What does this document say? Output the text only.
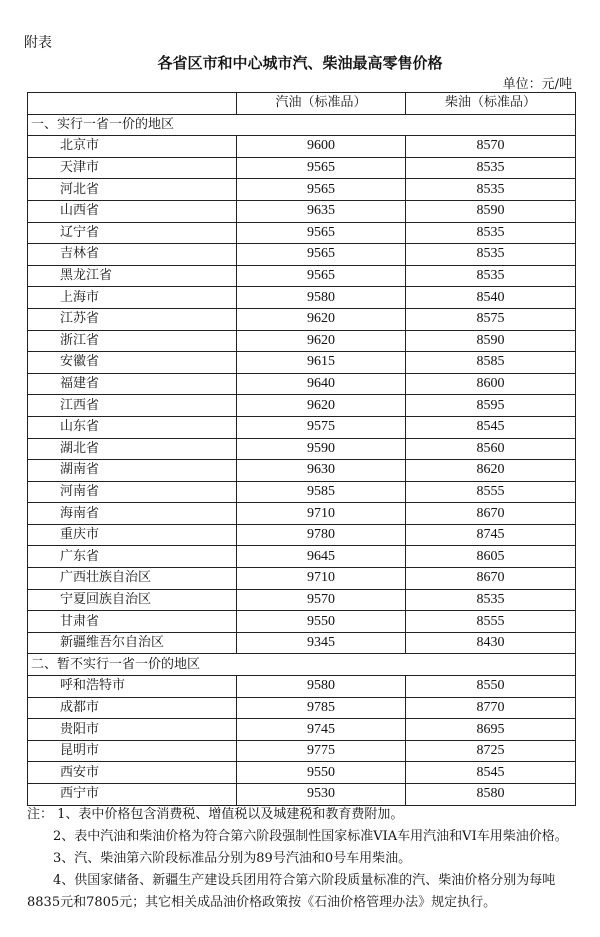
附表
各省区市和中心城市汽、柴油最高零售价格
单位：元/吨
	汽油（标准品）	柴油（标准品）
一、实行一省一价的地区		
北京市	9600	8570
天津市	9565	8535
河北省	9565	8535
山西省	9635	8590
辽宁省	9565	8535
吉林省	9565	8535
黑龙江省	9565	8535
上海市	9580	8540
江苏省	9620	8575
浙江省	9620	8590
安徽省	9615	8585
福建省	9640	8600
江西省	9620	8595
山东省	9575	8545
湖北省	9590	8560
湖南省	9630	8620
河南省	9585	8555
海南省	9710	8670
重庆市	9780	8745
广东省	9645	8605
广西壮族自治区	9710	8670
宁夏回族自治区	9570	8535
甘肃省	9550	8555
新疆维吾尔自治区	9345	8430
二、暂不实行一省一价的地区		
呼和浩特市	9580	8550
成都市	9785	8770
贵阳市	9745	8695
昆明市	9775	8725
西安市	9550	8545
西宁市	9530	8580

注： 1、表中价格包含消费税、增值税以及城建税和教育费附加。

2、表中汽油和柴油价格为符合第六阶段强制性国家标准VIA车用汽油和VI车用柴油价格。

3、汽、柴油第六阶段标准品分别为89号汽油和0号车用柴油。

4、供国家储备、新疆生产建设兵团用符合第六阶段质量标准的汽、柴油价格分别为每吨8835元和7805元；其它相关成品油价格政策按《石油价格管理办法》规定执行。
